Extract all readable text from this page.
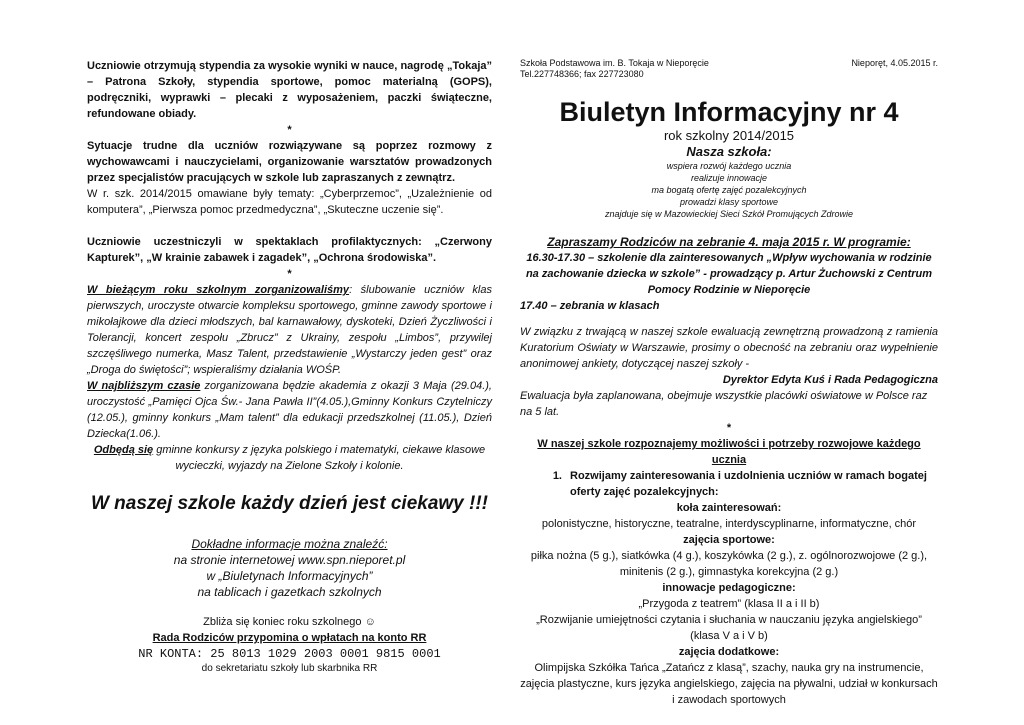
Uczniowie otrzymują stypendia za wysokie wyniki w nauce, nagrodę „Tokaja” – Patrona Szkoły, stypendia sportowe, pomoc materialną (GOPS), podręczniki, wyprawki – plecaki z wyposażeniem, paczki świąteczne, refundowane obiady.

*

Sytuacje trudne dla uczniów rozwiązywane są poprzez rozmowy z wychowawcami i nauczycielami, organizowanie warsztatów prowadzonych przez specjalistów pracujących w szkole lub zapraszanych z zewnątrz.

W r. szk. 2014/2015 omawiane były tematy: „Cyberprzemoc”, „Uzależnienie od komputera”, „Pierwsza pomoc przedmedyczna”, „Skuteczne uczenie się”.

Uczniowie uczestniczyli w spektaklach profilaktycznych: „Czerwony Kapturek”, „W krainie zabawek i zagadek”, „Ochrona środowiska”.

*

W bieżącym roku szkolnym zorganizowaliśmy: ślubowanie uczniów klas pierwszych, uroczyste otwarcie kompleksu sportowego, gminne zawody sportowe i mikołajkowe dla dzieci młodszych, bal karnawałowy, dyskoteki, Dzień Życzliwości i Tolerancji, koncert zespołu „Zbrucz” z Ukrainy, zespołu „Limbos”, przywilej szczęśliwego numerka, Masz Talent, przedstawienie „Wystarczy jeden gest” oraz „Droga do świętości”; wspieraliśmy działania WOŚP.

W najbliższym czasie zorganizowana będzie akademia z okazji 3 Maja (29.04.), uroczystość „Pamięci Ojca Św.- Jana Pawła II”(4.05.),Gminny Konkurs Czytelniczy (12.05.), gminny konkurs „Mam talent” dla edukacji przedszkolnej (11.05.), Dzień Dziecka(1.06.).

Odbędą się gminne konkursy z języka polskiego i matematyki, ciekawe klasowe wycieczki, wyjazdy na Zielone Szkoły i kolonie.

W naszej szkole każdy dzień jest ciekawy !!!

Dokładne informacje można znaleźć:

na stronie internetowej www.spn.nieporet.pl

w „Biuletynach Informacyjnych”

na tablicach i gazetkach szkolnych

Zbliża się koniec roku szkolnego ☺

Rada Rodziców przypomina o wpłatach na konto RR

NR KONTA: 25 8013 1029 2003 0001 9815 0001

do sekretariatu szkoły lub skarbnika RR

Szkoła Podstawowa im. B. Tokaja w Nieporęcie	Nieporęt, 4.05.2015 r.

Tel.227748366; fax 227723080

Biuletyn Informacyjny nr 4

rok szkolny 2014/2015

Nasza szkoła:

wspiera rozwój każdego ucznia

realizuje innowacje

ma bogatą ofertę zajęć pozalekcyjnych

prowadzi klasy sportowe

znajduje się w Mazowieckiej Sieci Szkół Promujących Zdrowie

Zapraszamy Rodziców na zebranie 4. maja 2015 r. W programie:

16.30-17.30 – szkolenie dla zainteresowanych „Wpływ wychowania w rodzinie na zachowanie dziecka w szkole” - prowadzący p. Artur Żuchowski z Centrum Pomocy Rodzinie w Nieporęcie

17.40 – zebrania w klasach

W związku z trwającą w naszej szkole ewaluacją zewnętrzną prowadzoną z ramienia Kuratorium Oświaty w Warszawie, prosimy o obecność na zebraniu oraz wypełnienie anonimowej ankiety, dotyczącej naszej szkoły -

Dyrektor Edyta Kuś i Rada Pedagogiczna

Ewaluacja była zaplanowana, obejmuje wszystkie placówki oświatowe w Polsce raz na 5 lat.

*

W naszej szkole rozpoznajemy możliwości i potrzeby rozwojowe każdego ucznia

1. Rozwijamy zainteresowania i uzdolnienia uczniów w ramach bogatej oferty zajęć pozalekcyjnych:

koła zainteresowań:

polonistyczne, historyczne, teatralne, interdyscyplinarne, informatyczne, chór

zajęcia sportowe:

piłka nożna (5 g.), siatkówka (4 g.), koszykówka (2 g.), z. ogólnorozwojowe (2 g.),

minitenis (2 g.), gimnastyka korekcyjna (2 g.)

innowacje pedagogiczne:

„Przygoda z teatrem” (klasa II a i II b)

„Rozwijanie umiejętności czytania i słuchania w nauczaniu języka angielskiego”

(klasa V a i V b)

zajęcia dodatkowe:

Olimpijska Szkółka Tańca „Zatańcz z klasą”, szachy, nauka gry na instrumencie,

zajęcia plastyczne, kurs języka angielskiego, zajęcia na pływalni, udział w konkursach

i zawodach sportowych
